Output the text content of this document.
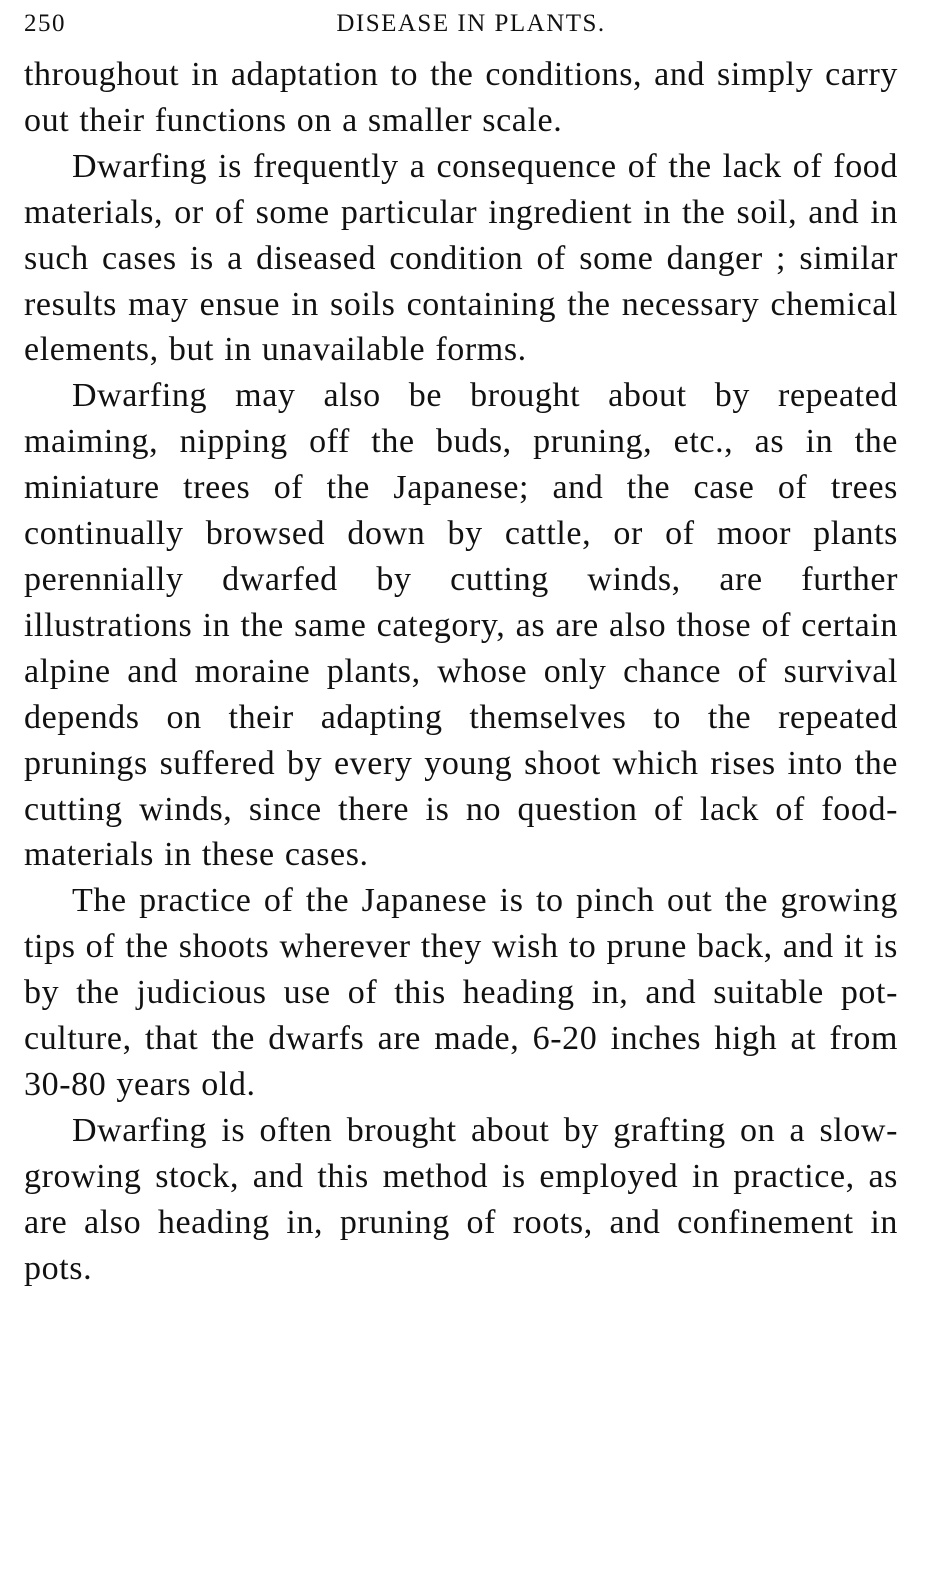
250	DISEASE IN PLANTS.

throughout in adaptation to the conditions, and simply carry out their functions on a smaller scale.

Dwarfing is frequently a consequence of the lack of food materials, or of some particular ingredient in the soil, and in such cases is a diseased condition of some danger ; similar results may ensue in soils containing the necessary chemical elements, but in unavailable forms.

Dwarfing may also be brought about by repeated maiming, nipping off the buds, pruning, etc., as in the miniature trees of the Japanese; and the case of trees continually browsed down by cattle, or of moor plants perennially dwarfed by cutting winds, are further illustrations in the same category, as are also those of certain alpine and moraine plants, whose only chance of survival depends on their adapting themselves to the repeated prunings suffered by every young shoot which rises into the cutting winds, since there is no question of lack of food-materials in these cases.

The practice of the Japanese is to pinch out the growing tips of the shoots wherever they wish to prune back, and it is by the judicious use of this heading in, and suitable pot-culture, that the dwarfs are made, 6-20 inches high at from 30-80 years old.

Dwarfing is often brought about by grafting on a slow-growing stock, and this method is employed in practice, as are also heading in, pruning of roots, and confinement in pots.
